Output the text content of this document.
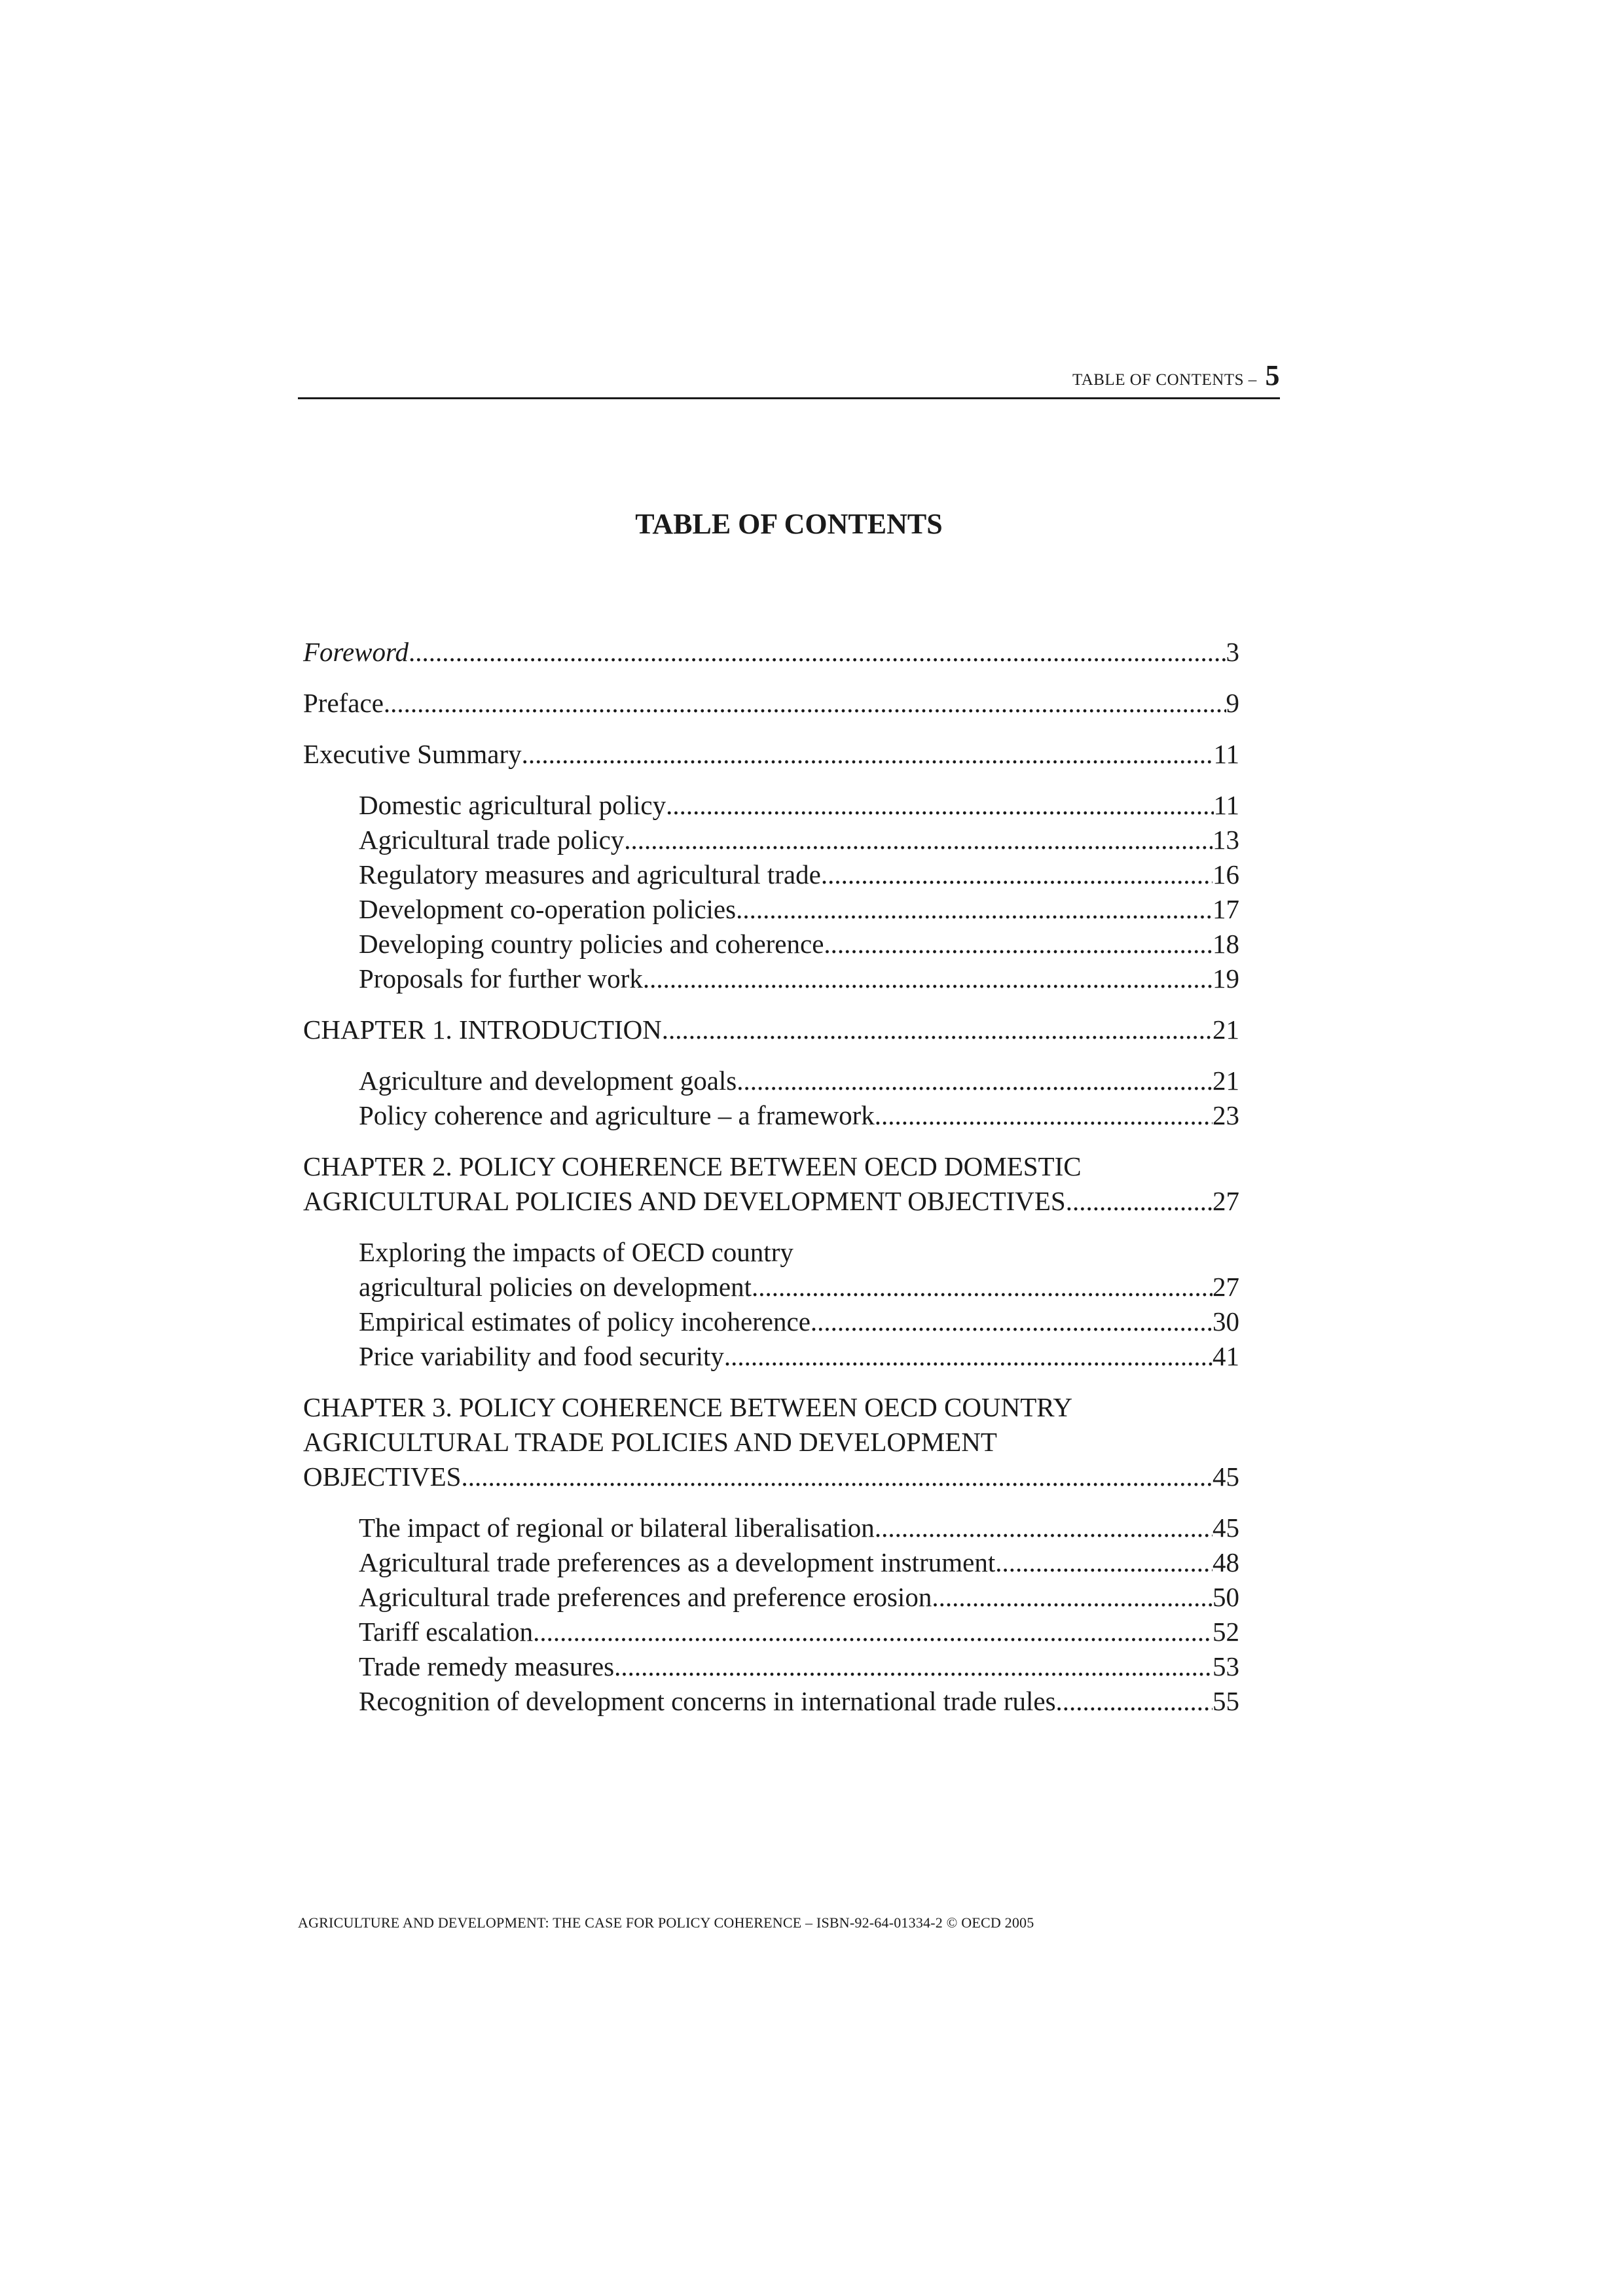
TABLE OF CONTENTS – 5
TABLE OF CONTENTS
Foreword .....	3
Preface .....	9
Executive Summary .....	11
Domestic agricultural policy .....	11
Agricultural trade policy .....	13
Regulatory measures and agricultural trade .....	16
Development co-operation policies .....	17
Developing country policies and coherence .....	18
Proposals for further work .....	19
CHAPTER 1. INTRODUCTION .....	21
Agriculture and development goals .....	21
Policy coherence and agriculture – a framework .....	23
CHAPTER 2. POLICY COHERENCE BETWEEN OECD DOMESTIC
AGRICULTURAL POLICIES AND DEVELOPMENT OBJECTIVES .....	27
Exploring the impacts of OECD country
agricultural policies on development .....	27
Empirical estimates of policy incoherence .....	30
Price variability and food security .....	41
CHAPTER 3. POLICY COHERENCE BETWEEN OECD COUNTRY
AGRICULTURAL TRADE POLICIES AND DEVELOPMENT
OBJECTIVES .....	45
The impact of regional or bilateral liberalisation .....	45
Agricultural trade preferences as a development instrument .....	48
Agricultural trade preferences and preference erosion .....	50
Tariff escalation .....	52
Trade remedy measures .....	53
Recognition of development concerns in international trade rules .....	55
AGRICULTURE AND DEVELOPMENT: THE CASE FOR POLICY COHERENCE – ISBN-92-64-01334-2 © OECD 2005
